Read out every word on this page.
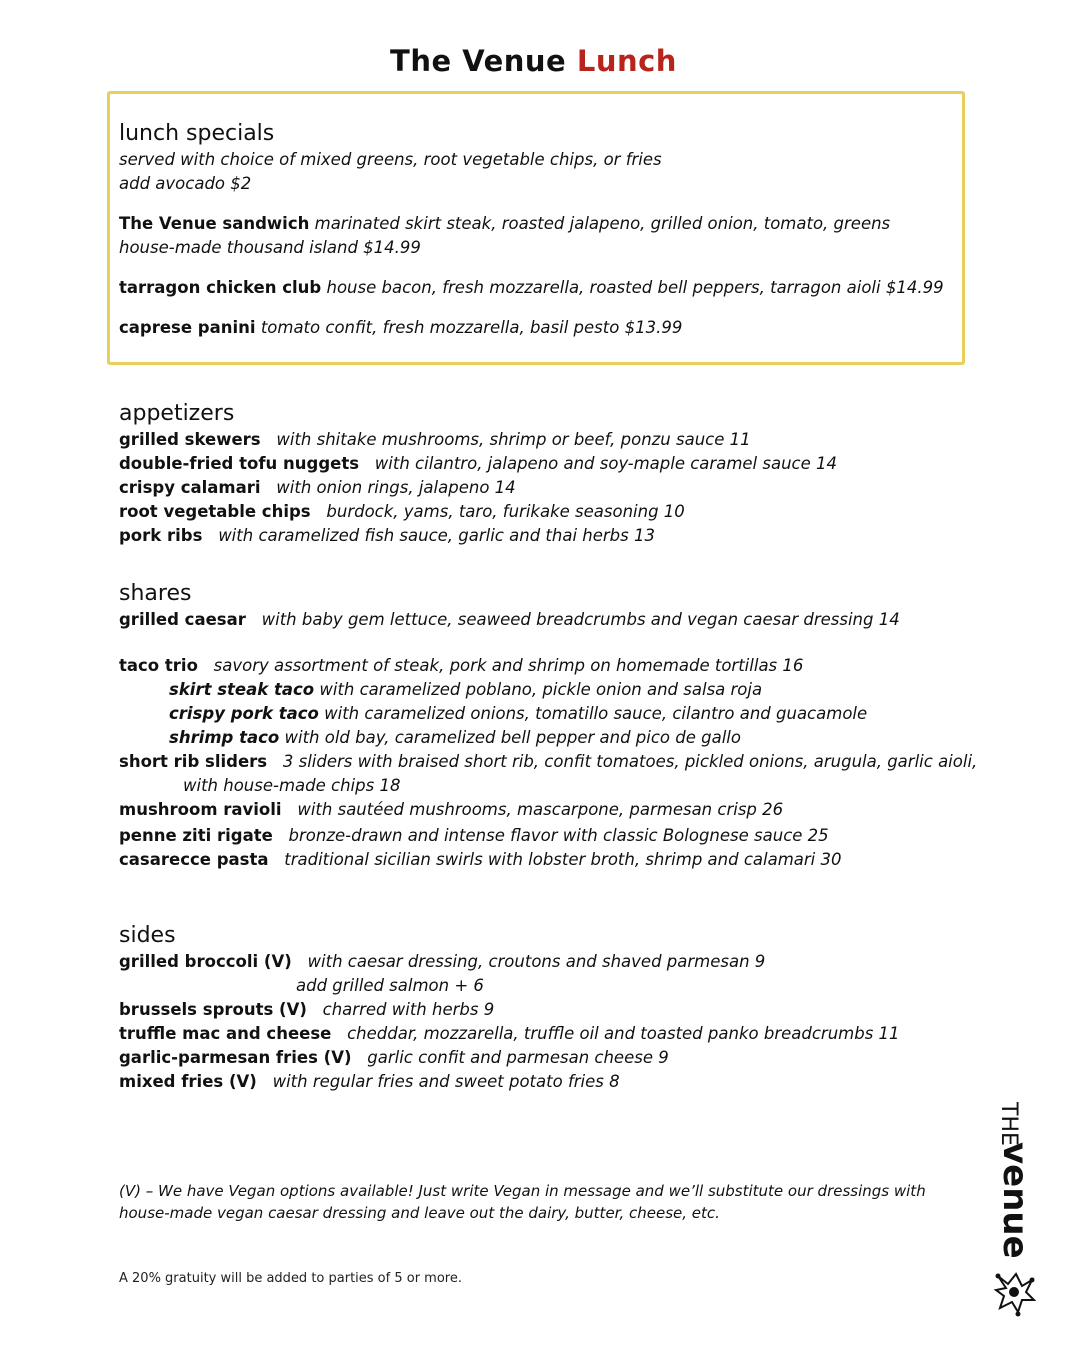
The Venue Lunch
lunch specials
served with choice of mixed greens, root vegetable chips, or fries
add avocado $2
The Venue sandwich marinated skirt steak, roasted jalapeno, grilled onion, tomato, greens
house-made thousand island $14.99
tarragon chicken club house bacon, fresh mozzarella, roasted bell peppers, tarragon aioli $14.99
caprese panini tomato confit, fresh mozzarella, basil pesto $13.99
appetizers
grilled skewers with shitake mushrooms, shrimp or beef, ponzu sauce 11
double-fried tofu nuggets with cilantro, jalapeno and soy-maple caramel sauce 14
crispy calamari with onion rings, jalapeno 14
root vegetable chips burdock, yams, taro, furikake seasoning 10
pork ribs with caramelized fish sauce, garlic and thai herbs 13
shares
grilled caesar with baby gem lettuce, seaweed breadcrumbs and vegan caesar dressing 14
taco trio savory assortment of steak, pork and shrimp on homemade tortillas 16
skirt steak taco with caramelized poblano, pickle onion and salsa roja
crispy pork taco with caramelized onions, tomatillo sauce, cilantro and guacamole
shrimp taco with old bay, caramelized bell pepper and pico de gallo
short rib sliders 3 sliders with braised short rib, confit tomatoes, pickled onions, arugula, garlic aioli,
with house-made chips 18
mushroom ravioli with sautéed mushrooms, mascarpone, parmesan crisp 26
penne ziti rigate bronze-drawn and intense flavor with classic Bolognese sauce 25
casarecce pasta traditional sicilian swirls with lobster broth, shrimp and calamari 30
sides
grilled broccoli (V) with caesar dressing, croutons and shaved parmesan 9
add grilled salmon + 6
brussels sprouts (V) charred with herbs 9
truffle mac and cheese cheddar, mozzarella, truffle oil and toasted panko breadcrumbs 11
garlic-parmesan fries (V) garlic confit and parmesan cheese 9
mixed fries (V) with regular fries and sweet potato fries 8
(V) – We have Vegan options available! Just write Vegan in message and we’ll substitute our dressings with
house-made vegan caesar dressing and leave out the dairy, butter, cheese, etc.
A 20% gratuity will be added to parties of 5 or more.
THE
venue
